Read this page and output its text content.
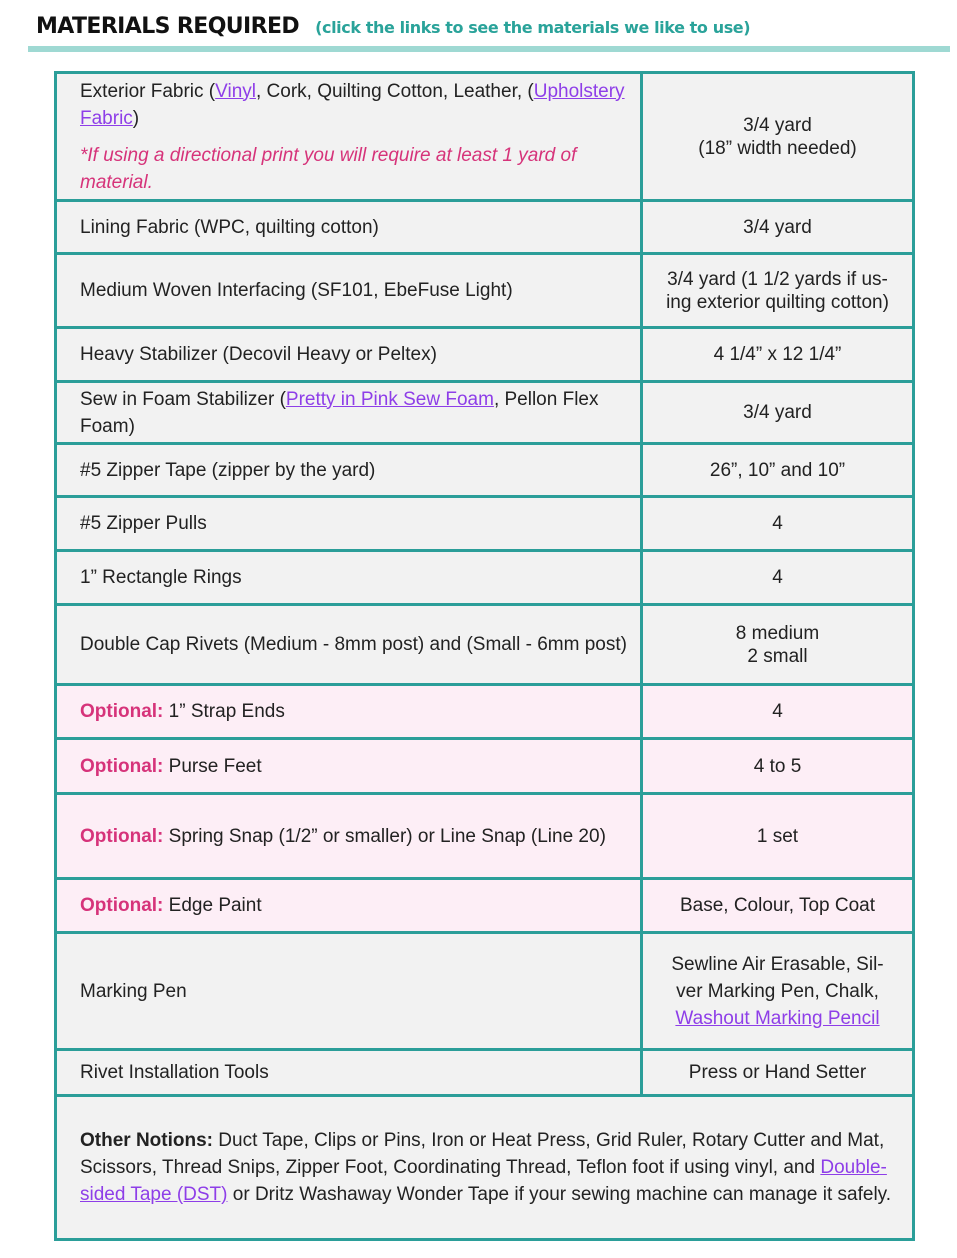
MATERIALS REQUIRED (click the links to see the materials we like to use)
Exterior Fabric (Vinyl, Cork, Quilting Cotton, Leather, (Upholstery Fabric)
*If using a directional print you will require at least 1 yard of material.	3/4 yard
(18” width needed)

Lining Fabric (WPC, quilting cotton)	3/4 yard
Medium Woven Interfacing (SF101, EbeFuse Light)	3/4 yard (1 1/2 yards if us-
ing exterior quilting cotton)

Heavy Stabilizer (Decovil Heavy or Peltex)	4 1/4” x 12 1/4”
Sew in Foam Stabilizer (Pretty in Pink Sew Foam, Pellon Flex Foam)	3/4 yard
#5 Zipper Tape (zipper by the yard)	26”, 10” and 10”
#5 Zipper Pulls	4
1” Rectangle Rings	4
Double Cap Rivets (Medium - 8mm post) and (Small - 6mm post)	8 medium
2 small

Optional: 1” Strap Ends	4
Optional: Purse Feet	4 to 5
Optional: Spring Snap (1/2” or smaller) or Line Snap (Line 20)	1 set
Optional: Edge Paint	Base, Colour, Top Coat
Marking Pen	Sewline Air Erasable, Sil-
ver Marking Pen, Chalk,
Washout Marking Pencil

Rivet Installation Tools	Press or Hand Setter
Other Notions: Duct Tape, Clips or Pins, Iron or Heat Press, Grid Ruler, Rotary Cutter and Mat, Scissors, Thread Snips, Zipper Foot, Coordinating Thread, Teflon foot if using vinyl, and Double- sided Tape (DST) or Dritz Washaway Wonder Tape if your sewing machine can manage it safely.	
